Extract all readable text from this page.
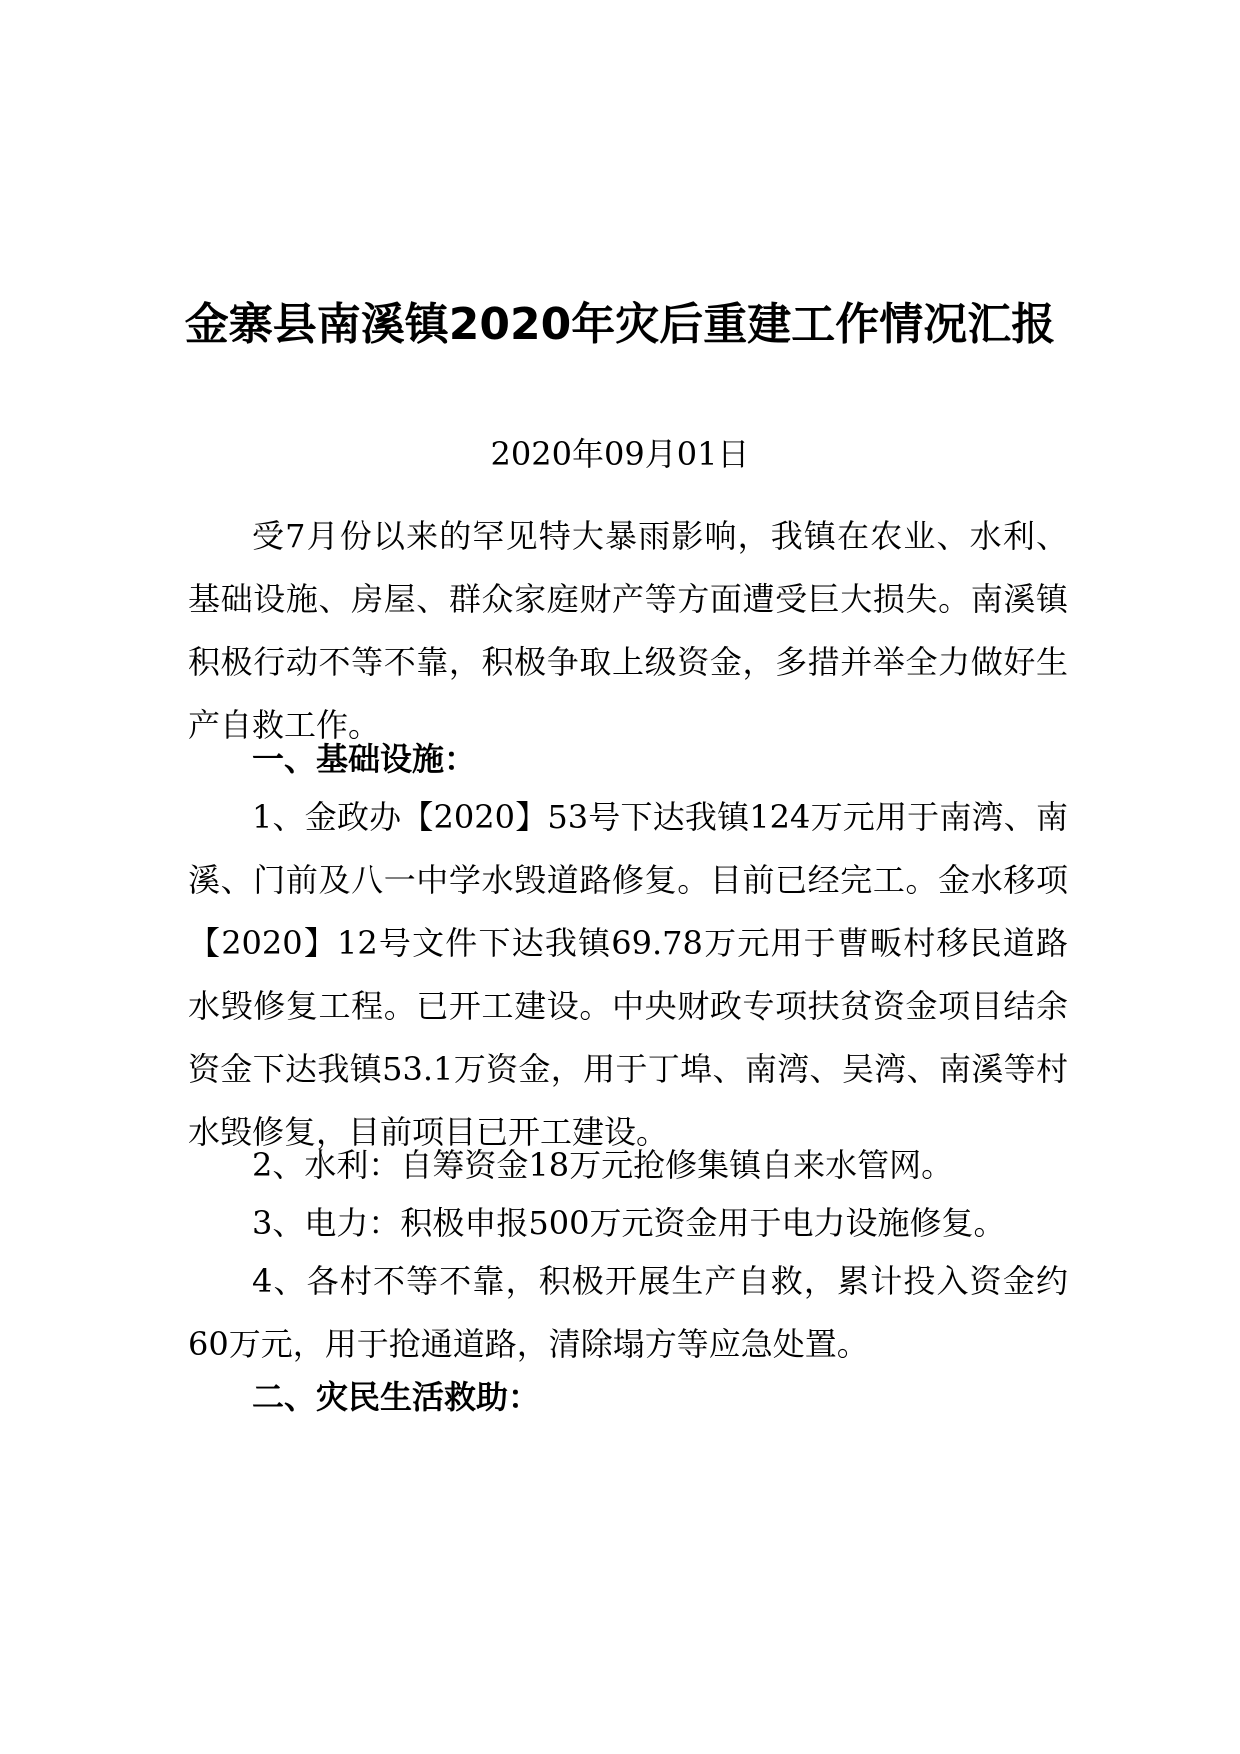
金寨县南溪镇2020年灾后重建工作情况汇报
2020年09月01日
受7月份以来的罕见特大暴雨影响，我镇在农业、水利、基础设施、房屋、群众家庭财产等方面遭受巨大损失。南溪镇积极行动不等不靠，积极争取上级资金，多措并举全力做好生产自救工作。
一、基础设施：
1、金政办【2020】53号下达我镇124万元用于南湾、南溪、门前及八一中学水毁道路修复。目前已经完工。金水移项【2020】12号文件下达我镇69.78万元用于曹畈村移民道路水毁修复工程。已开工建设。中央财政专项扶贫资金项目结余资金下达我镇53.1万资金，用于丁埠、南湾、吴湾、南溪等村水毁修复，目前项目已开工建设。
2、水利：自筹资金18万元抢修集镇自来水管网。
3、电力：积极申报500万元资金用于电力设施修复。
4、各村不等不靠，积极开展生产自救，累计投入资金约60万元，用于抢通道路，清除塌方等应急处置。
二、灾民生活救助：
